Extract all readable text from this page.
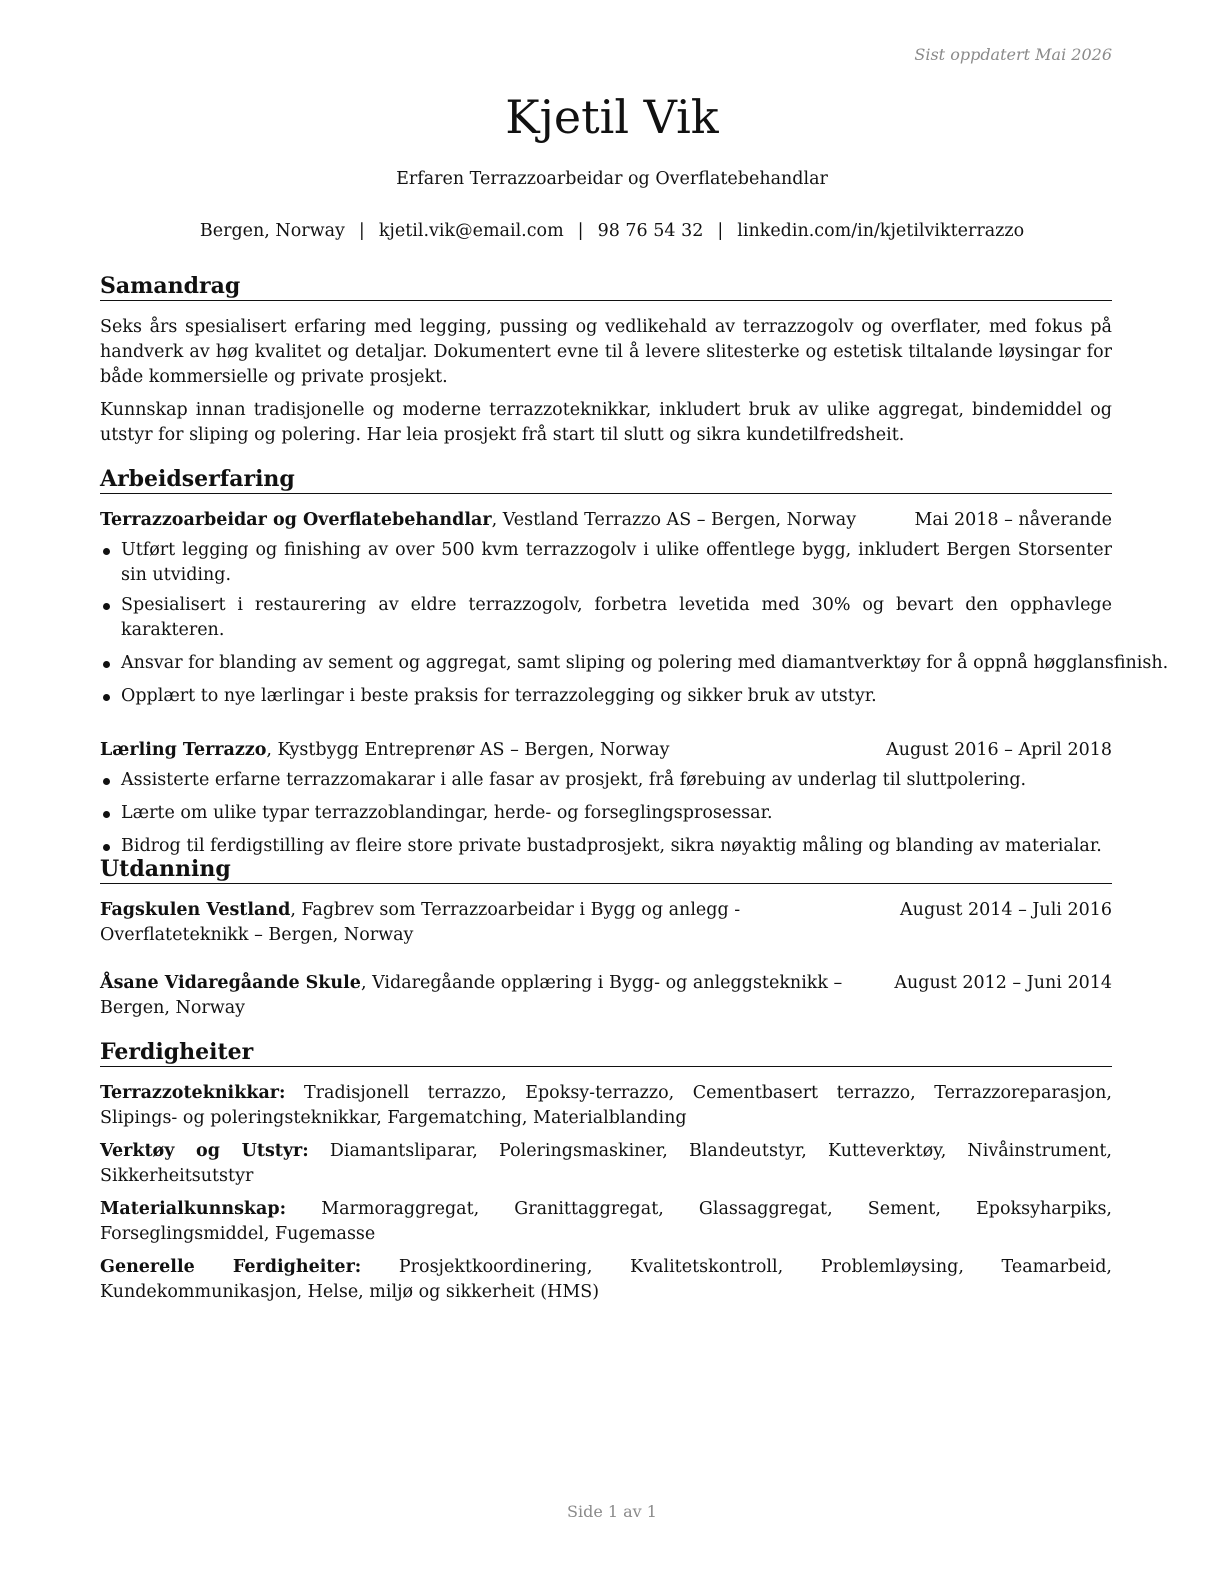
Sist oppdatert Mai 2026
Kjetil Vik
Erfaren Terrazzoarbeidar og Overflatebehandlar
Bergen, Norway | kjetil.vik@email.com | 98 76 54 32 | linkedin.com/in/kjetilvikterrazzo
Samandrag

Seks års spesialisert erfaring med legging, pussing og vedlikehald av terrazzogolv og overflater, med fokus på handverk av høg kvalitet og detaljar. Dokumentert evne til å levere slitesterke og estetisk tiltalande løysingar for både kommersielle og private prosjekt.

Kunnskap innan tradisjonelle og moderne terrazzoteknikkar, inkludert bruk av ulike aggregat, bindemiddel og utstyr for sliping og polering. Har leia prosjekt frå start til slutt og sikra kundetilfredsheit.

Arbeidserfaring
Terrazzoarbeidar og Overflatebehandlar, Vestland Terrazzo AS – Bergen, Norway	Mai 2018 – nåverande
Utført legging og finishing av over 500 kvm terrazzogolv i ulike offentlege bygg, inkludert Bergen Storsenter sin utviding.
Spesialisert i restaurering av eldre terrazzogolv, forbetra levetida med 30% og bevart den opphavlege karakteren.
Ansvar for blanding av sement og aggregat, samt sliping og polering med diamantverktøy for å oppnå høgglansfinish.
Opplært to nye lærlingar i beste praksis for terrazzolegging og sikker bruk av utstyr.
Lærling Terrazzo, Kystbygg Entreprenør AS – Bergen, Norway	August 2016 – April 2018
Assisterte erfarne terrazzomakarar i alle fasar av prosjekt, frå førebuing av underlag til sluttpolering.
Lærte om ulike typar terrazzoblandingar, herde- og forseglingsprosessar.
Bidrog til ferdigstilling av fleire store private bustadprosjekt, sikra nøyaktig måling og blanding av materialar.
Utdanning
Fagskulen Vestland, Fagbrev som Terrazzoarbeidar i Bygg og anlegg - Overflateteknikk – Bergen, Norway
August 2014 – Juli 2016
Åsane Vidaregåande Skule, Vidaregåande opplæring i Bygg- og anleggsteknikk – Bergen, Norway
August 2012 – Juni 2014
Ferdigheiter
Terrazzoteknikkar: Tradisjonell terrazzo, Epoksy-terrazzo, Cementbasert terrazzo, Terrazzoreparasjon, Slipings- og poleringsteknikkar, Fargematching, Materialblanding
Verktøy og Utstyr: Diamantsliparar, Poleringsmaskiner, Blandeutstyr, Kutteverktøy, Nivåinstrument, Sikkerheitsutstyr
Materialkunnskap: Marmoraggregat, Granittaggregat, Glassaggregat, Sement, Epoksyharpiks, Forseglingsmiddel, Fugemasse
Generelle Ferdigheiter: Prosjektkoordinering, Kvalitetskontroll, Problemløysing, Teamarbeid, Kundekommunikasjon, Helse, miljø og sikkerheit (HMS)
Side 1 av 1
